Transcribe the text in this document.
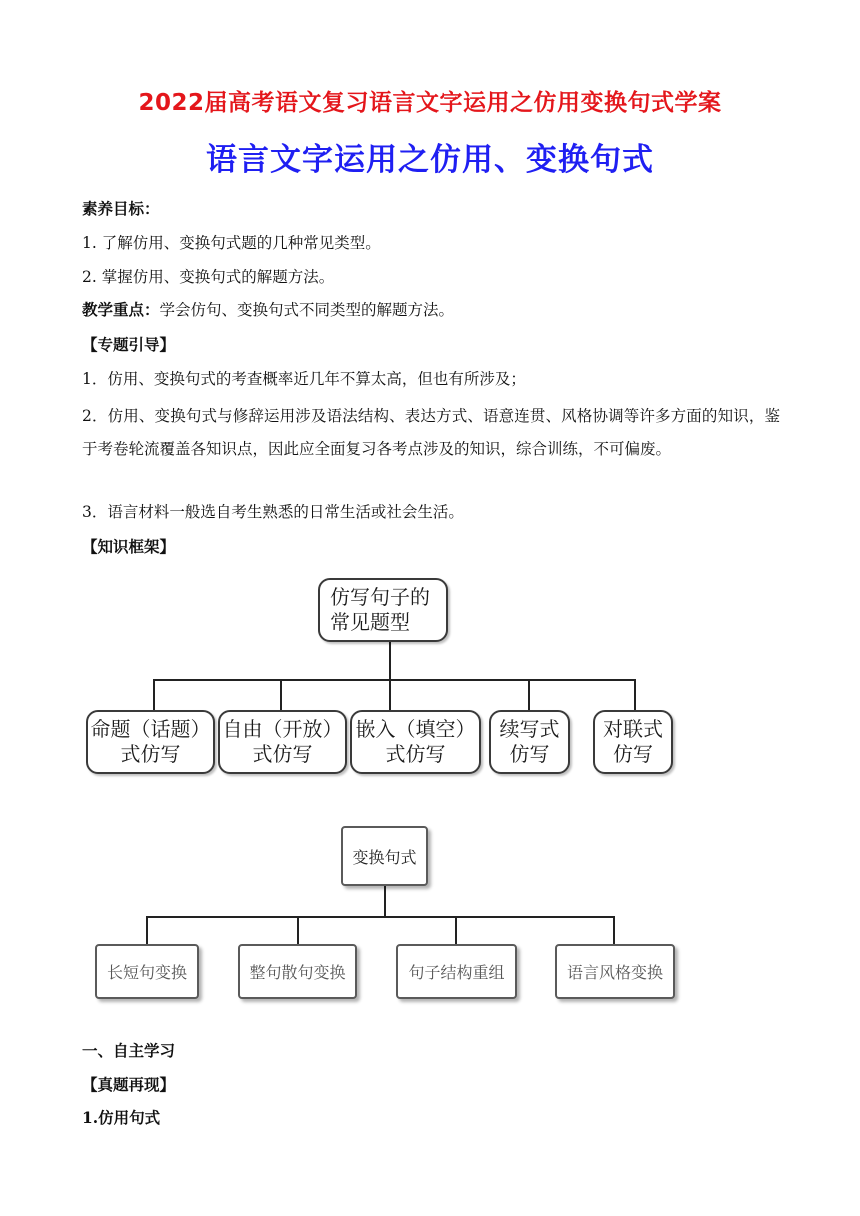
2022届高考语文复习语言文字运用之仿用变换句式学案
语言文字运用之仿用、变换句式
素养目标：
1. 了解仿用、变换句式题的几种常见类型。
2. 掌握仿用、变换句式的解题方法。
教学重点：学会仿句、变换句式不同类型的解题方法。
【专题引导】
1．仿用、变换句式的考查概率近几年不算太高，但也有所涉及；
2．仿用、变换句式与修辞运用涉及语法结构、表达方式、语意连贯、风格协调等许多方面的知识，鉴于考卷轮流覆盖各知识点，因此应全面复习各考点涉及的知识，综合训练，不可偏废。
3．语言材料一般选自考生熟悉的日常生活或社会生活。
【知识框架】
仿写句子的
常见题型
命题（话题）
式仿写
自由（开放）
式仿写
嵌入（填空）
式仿写
续写式
仿写
对联式
仿写
变换句式
长短句变换	整句散句变换	句子结构重组	语言风格变换
一、自主学习
【真题再现】
1.仿用句式
